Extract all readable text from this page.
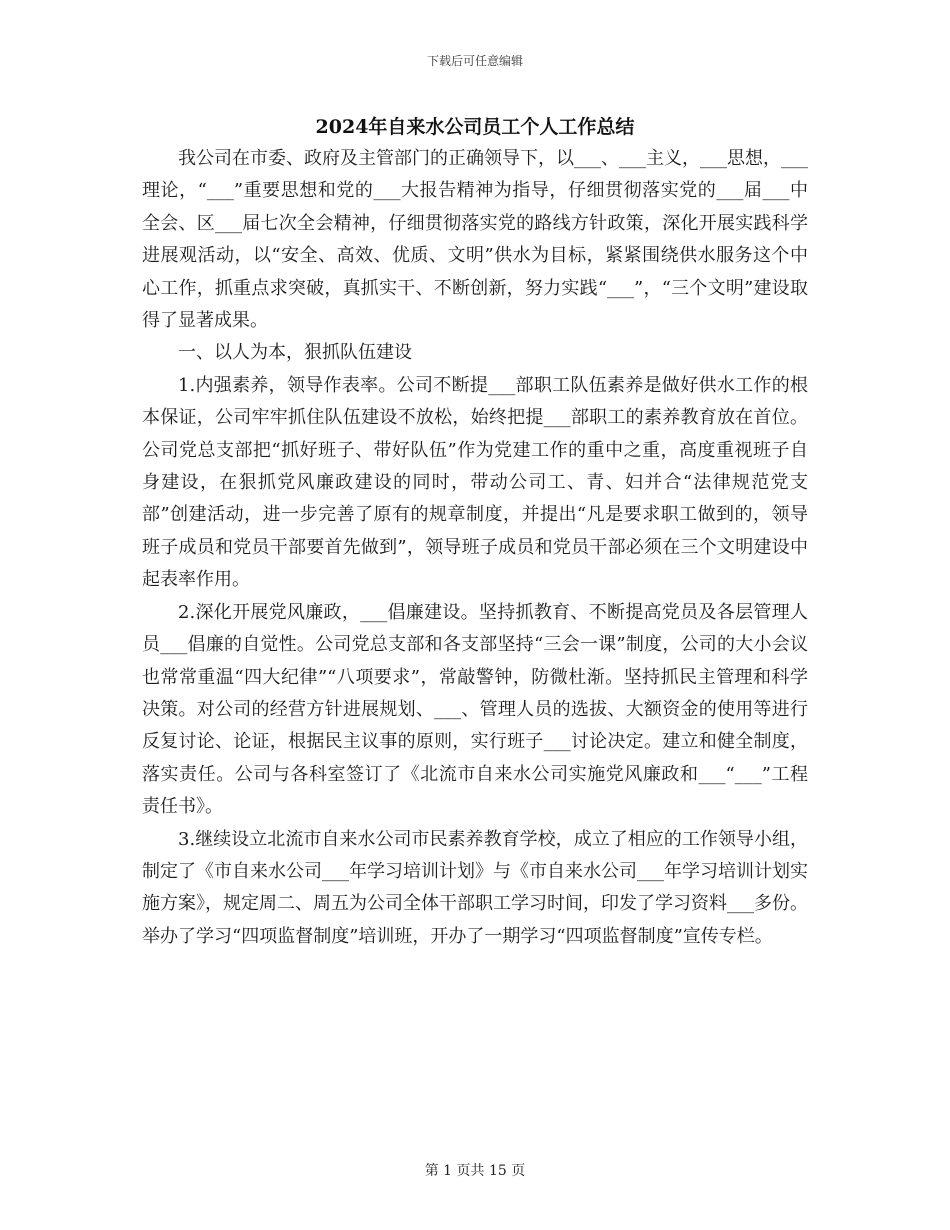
下载后可任意编辑
2024年自来水公司员工个人工作总结

我公司在市委、政府及主管部门的正确领导下，以___、___主义，___思想，___理论，“___”重要思想和党的___大报告精神为指导，仔细贯彻落实党的___届___中全会、区___届七次全会精神，仔细贯彻落实党的路线方针政策，深化开展实践科学进展观活动，以“安全、高效、优质、文明”供水为目标，紧紧围绕供水服务这个中心工作，抓重点求突破，真抓实干、不断创新，努力实践“___”，“三个文明”建设取得了显著成果。

一、以人为本，狠抓队伍建设

1.内强素养，领导作表率。公司不断提___部职工队伍素养是做好供水工作的根本保证，公司牢牢抓住队伍建设不放松，始终把提___部职工的素养教育放在首位。公司党总支部把“抓好班子、带好队伍”作为党建工作的重中之重，高度重视班子自身建设，在狠抓党风廉政建设的同时，带动公司工、青、妇并合“法律规范党支部”创建活动，进一步完善了原有的规章制度，并提出“凡是要求职工做到的，领导班子成员和党员干部要首先做到”，领导班子成员和党员干部必须在三个文明建设中起表率作用。

2.深化开展党风廉政，___倡廉建设。坚持抓教育、不断提高党员及各层管理人员___倡廉的自觉性。公司党总支部和各支部坚持“三会一课”制度，公司的大小会议也常常重温“四大纪律”“八项要求”，常敲警钟，防微杜渐。坚持抓民主管理和科学决策。对公司的经营方针进展规划、___、管理人员的选拔、大额资金的使用等进行反复讨论、论证，根据民主议事的原则，实行班子___讨论决定。建立和健全制度，落实责任。公司与各科室签订了《北流市自来水公司实施党风廉政和___“___”工程责任书》。

3.继续设立北流市自来水公司市民素养教育学校，成立了相应的工作领导小组，制定了《市自来水公司___年学习培训计划》与《市自来水公司___年学习培训计划实施方案》，规定周二、周五为公司全体干部职工学习时间，印发了学习资料___多份。举办了学习“四项监督制度”培训班，开办了一期学习“四项监督制度”宣传专栏。

第 1 页共 15 页
